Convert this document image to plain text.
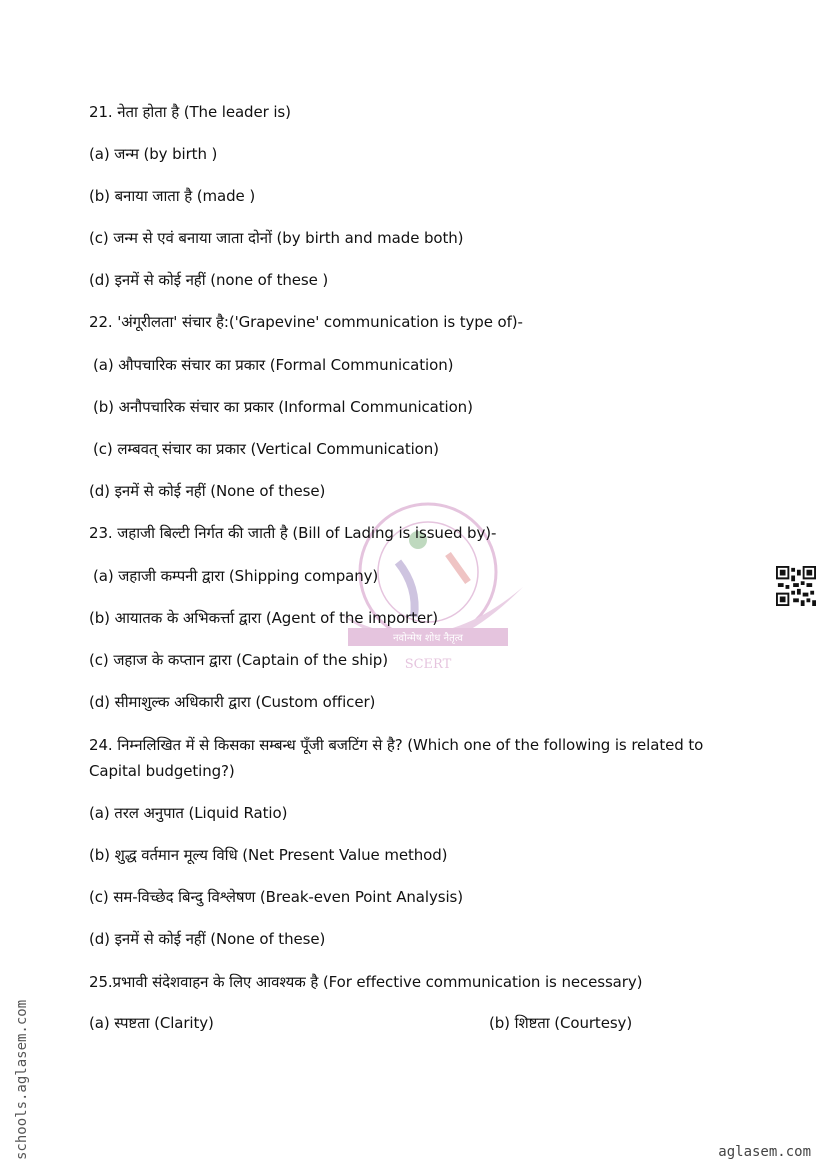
नवोन्मेष शोध नैतृत्व
SCERT
21. नेता होता है (The leader is)
(a) जन्म (by birth )
(b) बनाया जाता है (made )
(c) जन्म से एवं बनाया जाता दोनों (by birth and made both)
(d) इनमें से कोई नहीं (none of these )
22. 'अंगूरीलता' संचार है:('Grapevine' communication is type of)-
(a) औपचारिक संचार का प्रकार (Formal Communication)
(b) अनौपचारिक संचार का प्रकार (Informal Communication)
(c) लम्बवत् संचार का प्रकार (Vertical Communication)
(d) इनमें से कोई नहीं (None of these)
23. जहाजी बिल्टी निर्गत की जाती है (Bill of Lading is issued by)-
(a) जहाजी कम्पनी द्वारा (Shipping company)
(b) आयातक के अभिकर्त्ता द्वारा (Agent of the importer)
(c) जहाज के कप्तान द्वारा (Captain of the ship)
(d) सीमाशुल्क अधिकारी द्वारा (Custom officer)
24. निम्नलिखित में से किसका सम्बन्ध पूँजी बजटिंग से है? (Which one of the following is related to Capital budgeting?)
(a) तरल अनुपात (Liquid Ratio)
(b) शुद्ध वर्तमान मूल्य विधि (Net Present Value method)
(c) सम-विच्छेद बिन्दु विश्लेषण (Break-even Point Analysis)
(d) इनमें से कोई नहीं (None of these)
25.प्रभावी संदेशवाहन के लिए आवश्यक है (For effective communication is necessary)
(a) स्पष्टता (Clarity)	(b) शिष्टता (Courtesy)
schools.aglasem.com	aglasem.com
